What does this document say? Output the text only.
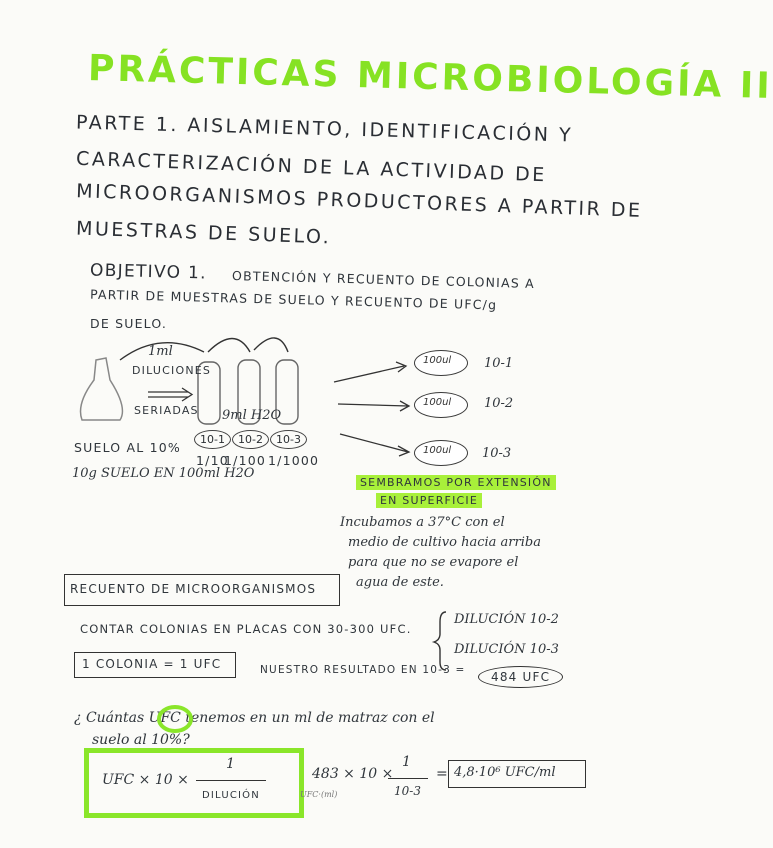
PRÁCTICAS MICROBIOLOGÍA II
PARTE 1. AISLAMIENTO, IDENTIFICACIÓN Y
CARACTERIZACIÓN DE LA ACTIVIDAD DE
MICROORGANISMOS PRODUCTORES A PARTIR DE
MUESTRAS DE SUELO.
OBJETIVO 1. OBTENCIÓN Y RECUENTO DE COLONIAS A
PARTIR DE MUESTRAS DE SUELO Y RECUENTO DE UFC/g
DE SUELO.
1ml
DILUCIONES
SERIADAS 9ml H2O
10-1	10-2	10-3
1/10
1/100 1/1000
SUELO AL 10%
10g SUELO EN 100ml H2O
100ul	10-1
100ul	10-2
100ul 10-3
SEMBRAMOS POR EXTENSIÓN
EN SUPERFICIE
Incubamos a 37°C con el
medio de cultivo hacia arriba
para que no se evapore el
agua de este.
RECUENTO DE MICROORGANISMOS
CONTAR COLONIAS EN PLACAS CON 30-300 UFC.
DILUCIÓN 10-2
DILUCIÓN 10-3
1 COLONIA = 1 UFC	NUESTRO RESULTADO EN 10-3 =	484 UFC
¿ Cuántas UFC tenemos en un ml de matraz con el
suelo al 10%?
UFC × 10 ×
1
DILUCIÓN
483 × 10 ×
1
10-3
= 4,8·10⁶ UFC/ml
UFC·(ml)
